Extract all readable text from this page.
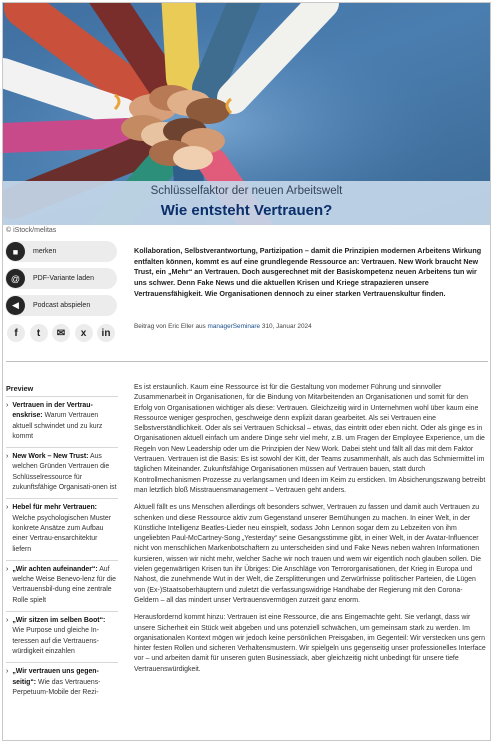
Schlüsselfaktor der neuen Arbeitswelt
Wie entsteht Vertrauen?
© iStock/melitas
■	merken
@	PDF-Variante laden
◀	Podcast abspielen
f	t	✉	x	in
Kollaboration, Selbstverantwortung, Partizipation – damit die Prinzipien modernen Arbeitens Wirkung entfalten können, kommt es auf eine grundlegende Ressource an: Vertrauen. New Work braucht New Trust, ein „Mehr“ an Vertrauen. Doch ausgerechnet mit der Basiskompetenz neuen Arbeitens tun wir uns schwer. Denn Fake News und die aktuellen Krisen und Kriege strapazieren unsere Vertrauensfähigkeit. Wie Organisationen dennoch zu einer starken Vertrauenskultur finden.
Beitrag von Eric Eller aus managerSeminare 310, Januar 2024
Preview
› Vertrauen in der Vertrau-enskrise: Warum Vertrauen aktuell schwindet und zu kurz kommt
› New Work – New Trust: Aus welchen Gründen Vertrauen die Schlüsselressource für zukunftsfähige Organisati-onen ist
› Hebel für mehr Vertrauen: Welche psychologischen Muster konkrete Ansätze zum Aufbau einer Vertrau-ensarchitektur liefern
› „Wir achten aufeinander“: Auf welche Weise Benevo-lenz für die Vertrauensbil-dung eine zentrale Rolle spielt
› „Wir sitzen im selben Boot“: Wie Purpose und gleiche In-teressen auf die Vertrauens-würdigkeit einzahlen
› „Wir vertrauen uns gegen-seitig“: Wie das Vertrauens-Perpetuum-Mobile der Rezi-

Es ist erstaunlich. Kaum eine Ressource ist für die Gestaltung von moderner Führung und sinnvoller Zusammenarbeit in Organisationen, für die Bindung von Mitarbeitenden an Organisationen und somit für den Erfolg von Organisationen wichtiger als diese: Vertrauen. Gleichzeitig wird in Unternehmen wohl über kaum eine Ressource weniger gesprochen, geschweige denn explizit daran gearbeitet. Als sei Vertrauen eine Selbstverständlichkeit. Oder als sei Vertrauen Schicksal – etwas, das eintritt oder eben nicht. Oder als ginge es in Organisationen aktuell einfach um andere Dinge sehr viel mehr, z.B. um Fragen der Employee Experience, um die Regeln von New Leadership oder um die Prinzipien der New Work. Dabei steht und fällt all das mit dem Faktor Vertrauen. Vertrauen ist die Basis: Es ist sowohl der Kitt, der Teams zusammenhält, als auch das Schmiermittel im täglichen Miteinander. Zukunftsfähige Organisationen müssen auf Vertrauen bauen, statt durch Kontrollmechanismen Prozesse zu verlangsamen und Ideen im Keim zu ersticken. Im Absicherungszwang betreibt man letztlich bloß Misstrauensmanagement – Vertrauen geht anders.

Aktuell fällt es uns Menschen allerdings oft besonders schwer, Vertrauen zu fassen und damit auch Vertrauen zu schenken und diese Ressource aktiv zum Gegenstand unserer Bemühungen zu machen. In einer Welt, in der Künstliche Intelligenz Beatles-Lieder neu einspielt, sodass John Lennon sogar dem zu Lebzeiten von ihm ungeliebten Paul-McCartney-Song „Yesterday“ seine Gesangsstimme gibt, in einer Welt, in der Avatar-Influencer nicht von menschlichen Markenbotschaftern zu unterscheiden sind und Fake News neben wahren Informationen kursieren, wissen wir nicht mehr, welcher Sache wir noch trauen und wem wir eigentlich noch glauben sollen. Die vielen gegenwärtigen Krisen tun ihr Übriges: Die Anschläge von Terrororganisationen, der Krieg in Europa und Nahost, die zunehmende Wut in der Welt, die Zersplitterungen und Zerwürfnisse politischer Parteien, die Lügen von (Ex-)Staatsoberhäuptern und zuletzt die verfassungswidrige Handhabe der Regierung mit den Corona-Geldern – all das mindert unser Vertrauensvermögen zurzeit ganz enorm.

Herausfordernd kommt hinzu: Vertrauen ist eine Ressource, die ans Eingemachte geht. Sie verlangt, dass wir unsere Sicherheit ein Stück weit abgeben und uns potenziell schwächen, um gemeinsam stark zu werden. Im organisationalen Kontext mögen wir jedoch keine persönlichen Preisgaben, im Gegenteil: Wir verstecken uns gern hinter festen Rollen und sicheren Verhaltensmustern. Wir spielgeln uns gegenseitig unser professionelles Interface vor – und arbeiten damit für unseren guten Businessiack, aber gleichzeitig nicht unbedingt für unsere tiefe Vertrauenswürdigkeit.
